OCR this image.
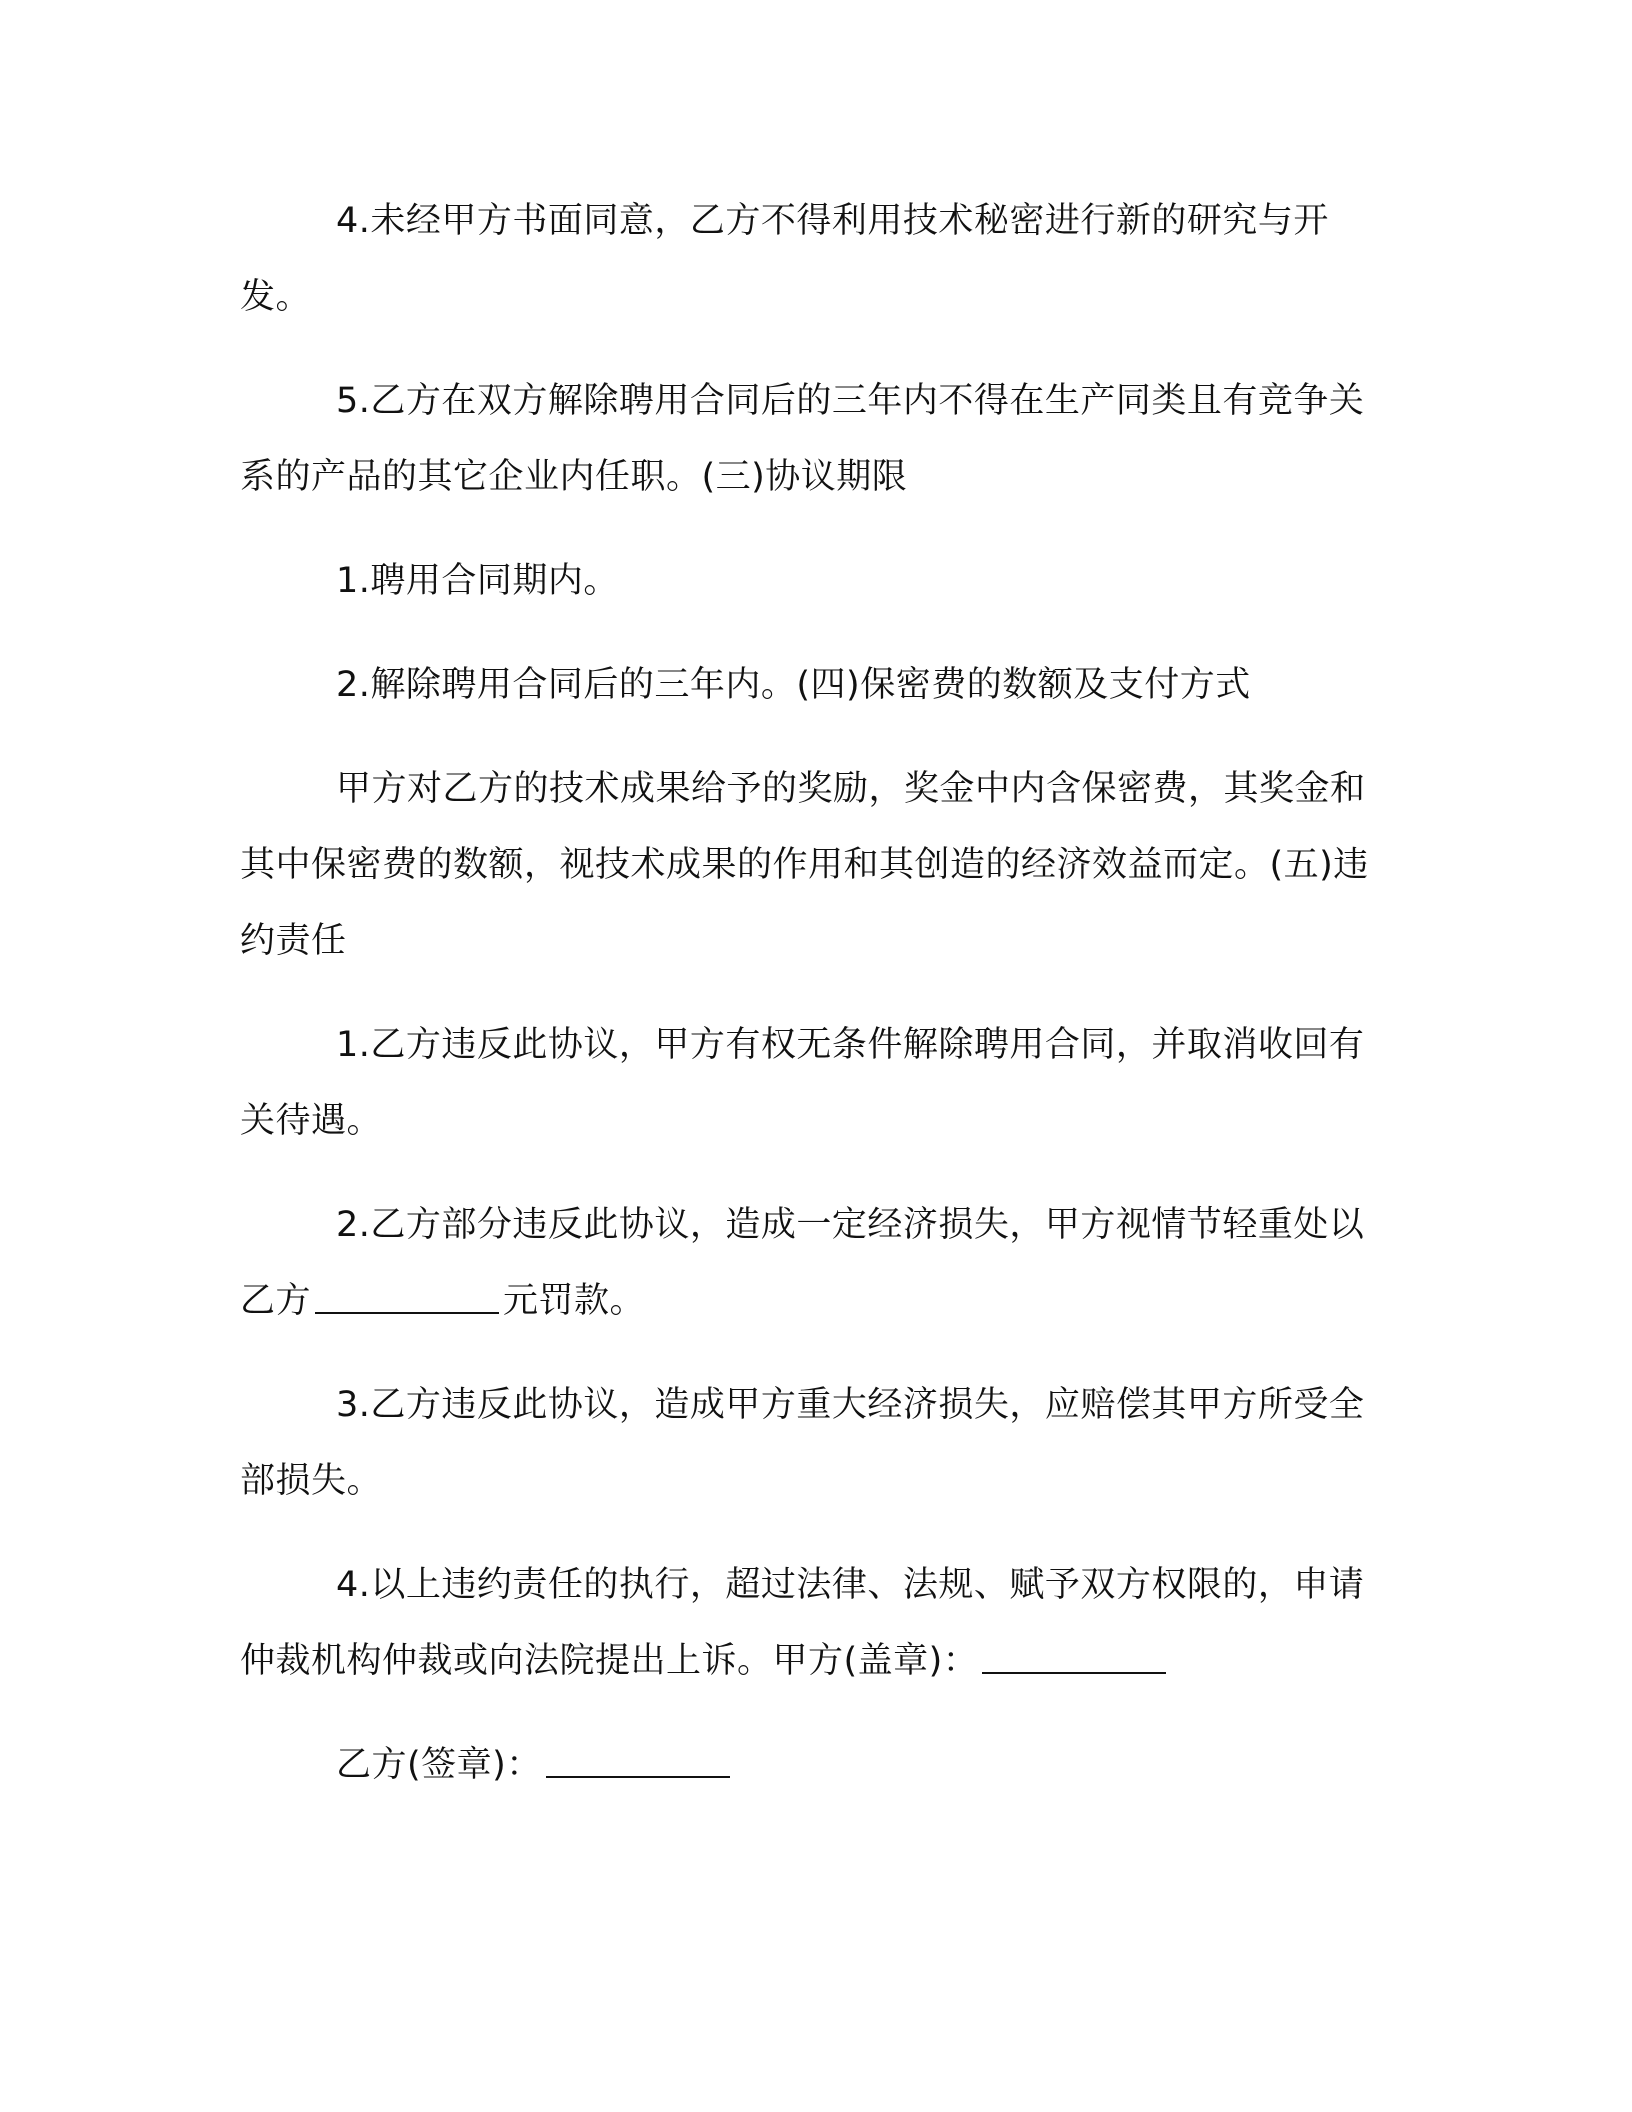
4.未经甲方书面同意，乙方不得利用技术秘密进行新的研究与开发。

5.乙方在双方解除聘用合同后的三年内不得在生产同类且有竞争关系的产品的其它企业内任职。(三)协议期限

1.聘用合同期内。

2.解除聘用合同后的三年内。(四)保密费的数额及支付方式

甲方对乙方的技术成果给予的奖励，奖金中内含保密费，其奖金和其中保密费的数额，视技术成果的作用和其创造的经济效益而定。(五)违约责任

1.乙方违反此协议，甲方有权无条件解除聘用合同，并取消收回有关待遇。

2.乙方部分违反此协议，造成一定经济损失，甲方视情节轻重处以乙方	元罚款。

3.乙方违反此协议，造成甲方重大经济损失，应赔偿其甲方所受全部损失。

4.以上违约责任的执行，超过法律、法规、赋予双方权限的，申请仲裁机构仲裁或向法院提出上诉。甲方(盖章)：

乙方(签章)：
